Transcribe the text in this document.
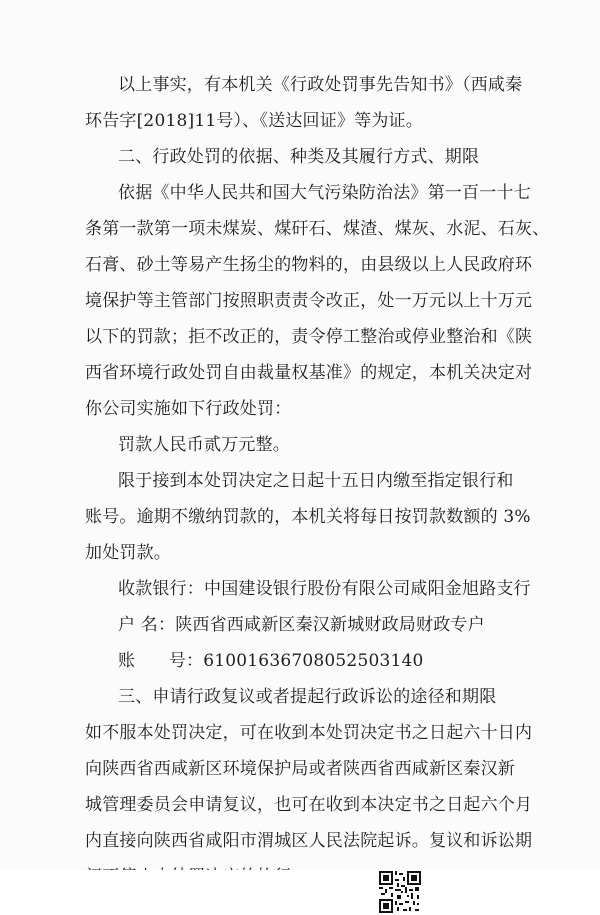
以上事实，有本机关《行政处罚事先告知书》（西咸秦
环告字[2018]11号）、《送达回证》等为证。
二、行政处罚的依据、种类及其履行方式、期限
依据《中华人民共和国大气污染防治法》第一百一十七
条第一款第一项未煤炭、煤矸石、煤渣、煤灰、水泥、石灰、
石膏、砂土等易产生扬尘的物料的，由县级以上人民政府环
境保护等主管部门按照职责责令改正，处一万元以上十万元
以下的罚款；拒不改正的，责令停工整治或停业整治和《陕
西省环境行政处罚自由裁量权基准》的规定，本机关决定对
你公司实施如下行政处罚：
罚款人民币贰万元整。
限于接到本处罚决定之日起十五日内缴至指定银行和
账号。逾期不缴纳罚款的，本机关将每日按罚款数额的 3%
加处罚款。
收款银行：中国建设银行股份有限公司咸阳金旭路支行
户 名：陕西省西咸新区秦汉新城财政局财政专户
账      号：61001636708052503140
三、申请行政复议或者提起行政诉讼的途径和期限
如不服本处罚决定，可在收到本处罚决定书之日起六十日内
向陕西省西咸新区环境保护局或者陕西省西咸新区秦汉新
城管理委员会申请复议，也可在收到本决定书之日起六个月
内直接向陕西省咸阳市渭城区人民法院起诉。复议和诉讼期
